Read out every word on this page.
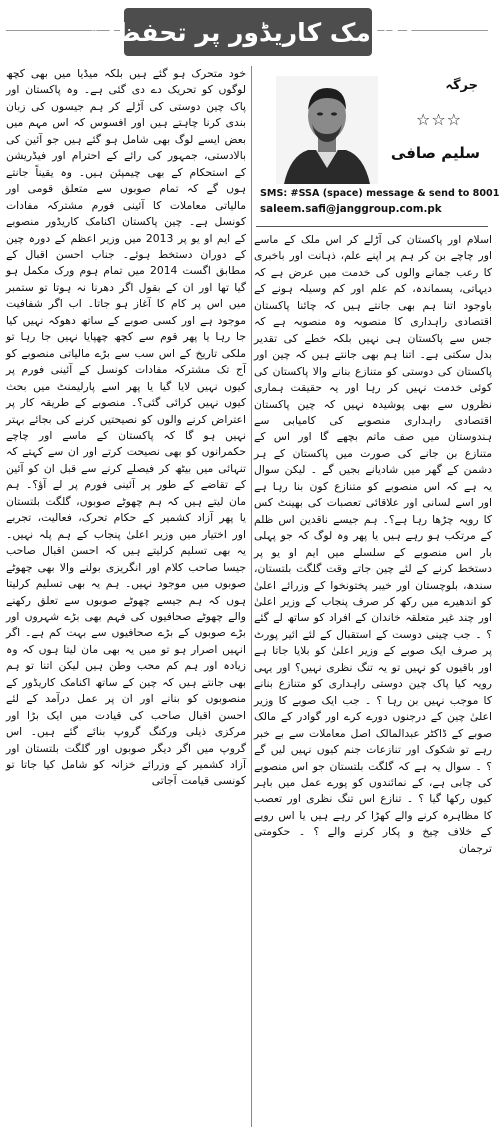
اکنامک کاریڈور پر تحفظات

خود متحرک ہو گئے ہیں بلکہ میڈیا میں بھی کچھ لوگوں کو تحریک دے دی گئی ہے۔ وہ پاکستان اور پاک چین دوستی کی آڑلے کر ہم جیسوں کی زبان بندی کرنا چاہتے ہیں اور افسوس کہ اس مہم میں بعض ایسے لوگ بھی شامل ہو گئے ہیں جو آئین کی بالادستی، جمہور کی رائے کے احترام اور فیڈریشن کے استحکام کے بھی چیمپئن ہیں۔ وہ یقیناً جانتے ہوں گے کہ تمام صوبوں سے متعلق قومی اور مالیاتی معاملات کا آئینی فورم مشترکہ مفادات کونسل ہے۔ چین پاکستان اکنامک کاریڈور منصوبے کے ایم او یو پر 2013 میں وزیر اعظم کے دورہ چین کے دوران دستخط ہوئے۔ جناب احسن اقبال کے مطابق اگست 2014 میں تمام ہوم ورک مکمل ہو گیا تھا اور ان کے بقول اگر دھرنا نہ ہوتا تو ستمبر میں اس پر کام کا آغاز ہو جاتا۔ اب اگر شفافیت موجود ہے اور کسی صوبے کے ساتھ دھوکہ نہیں کیا جا رہا یا پھر قوم سے کچھ چھپایا نہیں جا رہا تو ملکی تاریخ کے اس سب سے بڑے مالیاتی منصوبے کو آج تک مشترکہ مفادات کونسل کے آئینی فورم پر کیوں نہیں لایا گیا یا پھر اسے پارلیمنٹ میں بحث کیوں نہیں کرائی گئی؟۔ منصوبے کے طریقہ کار پر اعتراض کرنے والوں کو نصیحتیں کرنے کی بجائے بہتر نہیں ہو گا کہ پاکستان کے ماسے اور چاچے حکمرانوں کو بھی نصیحت کرتے اور ان سے کہتے کہ تنہائی میں بیٹھ کر فیصلے کرنے سے قبل ان کو آئین کے تقاضے کے طور پر آئینی فورم پر لے آؤ؟۔ ہم مان لیتے ہیں کہ ہم چھوٹے صوبوں، گلگت بلتستان یا پھر آزاد کشمیر کے حکام تحرک، فعالیت، تجربے اور اختیار میں وزیر اعلیٰ پنجاب کے ہم پلہ نہیں۔ یہ بھی تسلیم کرلیتے ہیں کہ احسن اقبال صاحب جیسا صاحب کلام اور انگریزی بولنے والا بھی چھوٹے صوبوں میں موجود نہیں۔ ہم یہ بھی تسلیم کرلیتا ہوں کہ ہم جیسے چھوٹے صوبوں سے تعلق رکھنے والے چھوٹے صحافیوں کی فہم بھی بڑے شہروں اور بڑے صوبوں کے بڑے صحافیوں سے بہت کم ہے۔ اگر انہیں اصرار ہو تو میں یہ بھی مان لیتا ہوں کہ وہ زیادہ اور ہم کم محب وطن ہیں لیکن اتنا تو ہم بھی جانتے ہیں کہ چین کے ساتھ اکنامک کاریڈور کے منصوبوں کو بنانے اور ان پر عمل درآمد کے لئے احسن اقبال صاحب کی قیادت میں ایک بڑا اور مرکزی ذیلی ورکنگ گروپ بنائے گئے ہیں۔ اس گروپ میں اگر دیگر صوبوں اور گلگت بلتستان اور آزاد کشمیر کے وزرائے خزانہ کو شامل کیا جاتا تو کونسی قیامت آجاتی

جرگہ
☆☆☆
سلیم صافی
SMS: #SSA (space) message & send to 8001
saleem.safi@janggroup.com.pk

اسلام اور پاکستان کی آڑلے کر اس ملک کے ماسے اور چاچے بن کر ہم پر اپنے علم، ذہانت اور باخبری کا رعب جمانے والوں کی خدمت میں عرض ہے کہ دیہاتی، پسماندہ، کم علم اور کم وسیلہ ہونے کے باوجود اتنا ہم بھی جانتے ہیں کہ چائنا پاکستان اقتصادی راہداری کا منصوبہ وہ منصوبہ ہے کہ جس سے پاکستان ہی نہیں بلکہ خطے کی تقدیر بدل سکتی ہے۔ اتنا ہم بھی جانتے ہیں کہ چین اور پاکستان کی دوستی کو متنازع بنانے والا پاکستان کی کوئی خدمت نہیں کر رہا اور یہ حقیقت ہماری نظروں سے بھی پوشیدہ نہیں کہ چین پاکستان اقتصادی راہداری منصوبے کی کامیابی سے ہندوستان میں صف ماتم بچھے گا اور اس کے متنازع بن جانے کی صورت میں پاکستان کے ہر دشمن کے گھر میں شادیانے بجیں گے ۔ لیکن سوال یہ ہے کہ اس منصوبے کو متنازع کون بنا رہا ہے اور اسے لسانی اور علاقائی تعصبات کی بھینٹ کس کا رویہ چڑھا رہا ہے؟۔ ہم جیسے ناقدین اس ظلم کے مرتکب ہو رہے ہیں یا پھر وہ لوگ کہ جو پہلی بار اس منصوبے کے سلسلے میں ایم او یو پر دستخط کرنے کے لئے چین جاتے وقت گلگت بلتستان، سندھ، بلوچستان اور خیبر پختونخوا کے وزرائے اعلیٰ کو اندھیرے میں رکھ کر صرف پنجاب کے وزیر اعلیٰ اور چند غیر متعلقہ خاندان کے افراد کو ساتھ لے گئے ؟ ۔ جب چینی دوست کے استقبال کے لئے ائیر پورٹ پر صرف ایک صوبے کے وزیر اعلیٰ کو بلایا جاتا ہے اور باقیوں کو نہیں تو یہ تنگ نظری نہیں؟ اور یہی رویہ کیا پاک چین دوستی راہداری کو متنازع بنانے کا موجب نہیں بن رہا ؟ ۔ جب ایک صوبے کا وزیر اعلیٰ چین کے درجنوں دورے کرے اور گوادر کے مالک صوبے کے ڈاکٹر عبدالمالک اصل معاملات سے بے خبر رہے تو شکوک اور تنازعات جنم کیوں نہیں لیں گے ؟ ۔ سوال یہ ہے کہ گلگت بلتستان جو اس منصوبے کی چابی ہے، کے نمائندوں کو پورے عمل میں باہر کیوں رکھا گیا ؟ ۔ تنازع اس تنگ نظری اور تعصب کا مظاہرہ کرنے والے کھڑا کر رہے ہیں یا اس رویے کے خلاف چیخ و پکار کرنے والے ؟ ۔ حکومتی ترجمان
